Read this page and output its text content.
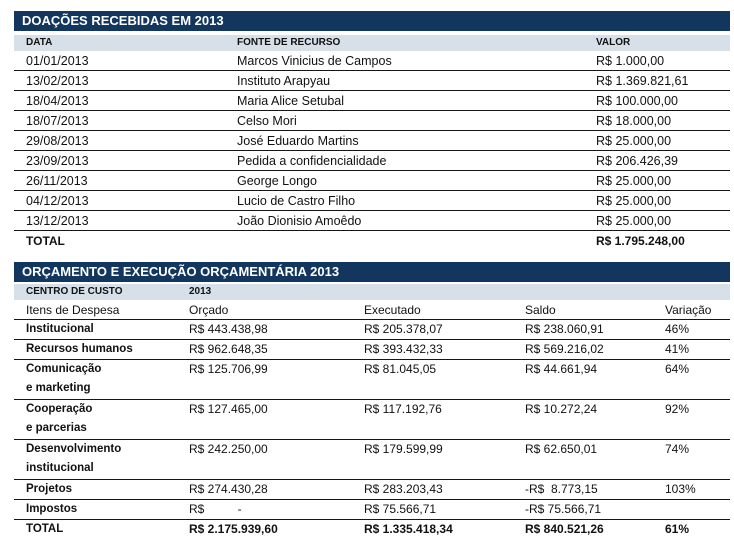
DOAÇÕES RECEBIDAS EM 2013
DATA	FONTE DE RECURSO	VALOR
01/01/2013	Marcos Vinicius de Campos	R$ 1.000,00
13/02/2013	Instituto Arapyau	R$ 1.369.821,61
18/04/2013	Maria Alice Setubal	R$ 100.000,00
18/07/2013	Celso Mori	R$ 18.000,00
29/08/2013	José Eduardo Martins	R$ 25.000,00
23/09/2013	Pedida a confidencialidade	R$ 206.426,39
26/11/2013	George Longo	R$ 25.000,00
04/12/2013	Lucio de Castro Filho	R$ 25.000,00
13/12/2013	João Dionisio Amoêdo	R$ 25.000,00
TOTAL	R$ 1.795.248,00
ORÇAMENTO E EXECUÇÃO ORÇAMENTÁRIA 2013
CENTRO DE CUSTO	2013
Itens de Despesa	Orçado	Executado	Saldo	Variação
Institucional	R$ 443.438,98	R$ 205.378,07	R$ 238.060,91	46%
Recursos humanos	R$ 962.648,35	R$ 393.432,33	R$ 569.216,02	41%
Comunicação
e marketing
R$ 125.706,99	R$ 81.045,05	R$ 44.661,94	64%
Cooperação
e parcerias
R$ 127.465,00	R$ 117.192,76	R$ 10.272,24	92%
Desenvolvimento
institucional
R$ 242.250,00	R$ 179.599,99	R$ 62.650,01	74%
Projetos	R$ 274.430,28	R$ 283.203,43	-R$  8.773,15	103%
Impostos	R$          -	R$ 75.566,71	-R$ 75.566,71
TOTAL	R$ 2.175.939,60	R$ 1.335.418,34	R$ 840.521,26	61%
